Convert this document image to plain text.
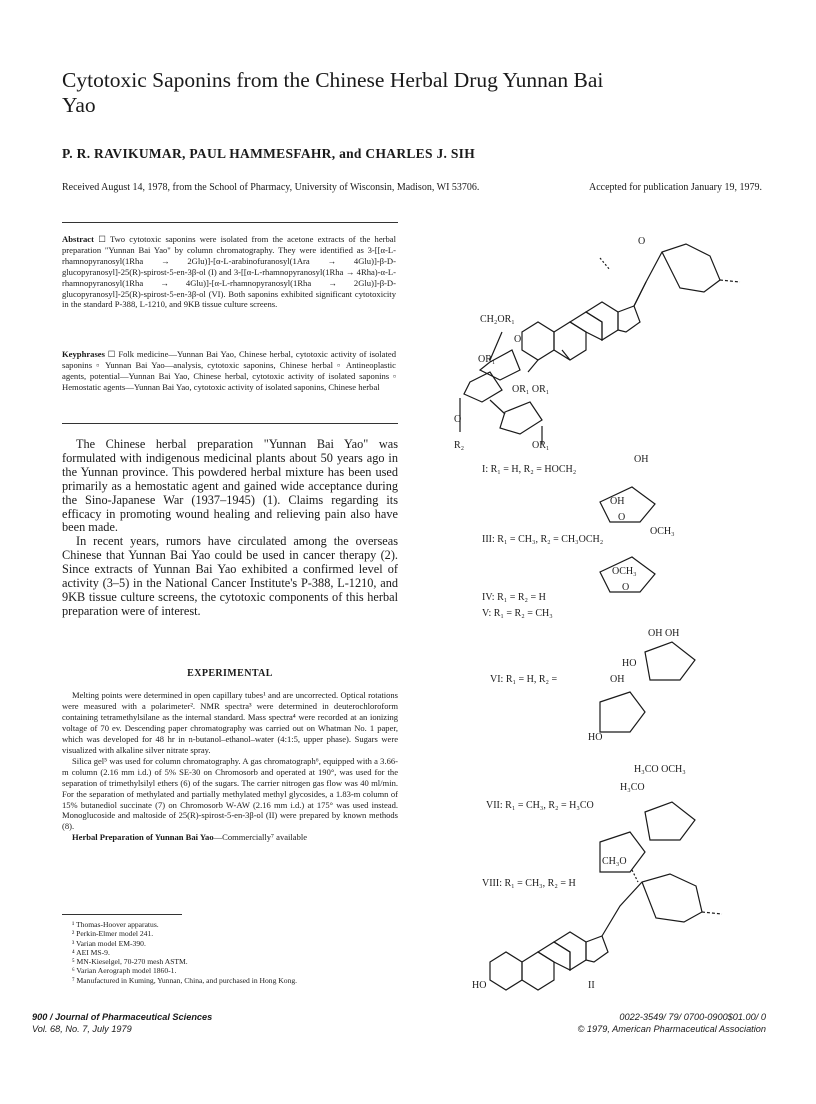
Cytotoxic Saponins from the Chinese Herbal Drug Yunnan Bai Yao
P. R. RAVIKUMAR, PAUL HAMMESFAHR, and CHARLES J. SIH
Accepted for publication January 19, 1979.
Received August 14, 1978, from the School of Pharmacy, University of Wisconsin, Madison, WI 53706.
Abstract ☐ Two cytotoxic saponins were isolated from the acetone extracts of the herbal preparation "Yunnan Bai Yao" by column chromatography. They were identified as 3-[[α-L-rhamnopyranosyl(1Rha → 2Glu)]-[α-L-arabinofuranosyl(1Ara → 4Glu)]-β-D-glucopyranosyl]-25(R)-spirost-5-en-3β-ol (I) and 3-[[α-L-rhamnopyranosyl(1Rha → 4Rha)-α-L-rhamnopyranosyl(1Rha → 4Glu)]-[α-L-rhamnopyranosyl(1Rha → 2Glu)]-β-D-glucopyranosyl]-25(R)-spirost-5-en-3β-ol (VI). Both saponins exhibited significant cytotoxicity in the standard P-388, L-1210, and 9KB tissue culture screens.
Keyphrases ☐ Folk medicine—Yunnan Bai Yao, Chinese herbal, cytotoxic activity of isolated saponins ▫ Yunnan Bai Yao—analysis, cytotoxic saponins, Chinese herbal ▫ Antineoplastic agents, potential—Yunnan Bai Yao, Chinese herbal, cytotoxic activity of isolated saponins ▫ Hemostatic agents—Yunnan Bai Yao, cytotoxic activity of isolated saponins, Chinese herbal

The Chinese herbal preparation "Yunnan Bai Yao" was formulated with indigenous medicinal plants about 50 years ago in the Yunnan province. This powdered herbal mixture has been used primarily as a hemostatic agent and gained wide acceptance during the Sino-Japanese War (1937–1945) (1). Claims regarding its efficacy in promoting wound healing and relieving pain also have been made.

In recent years, rumors have circulated among the overseas Chinese that Yunnan Bai Yao could be used in cancer therapy (2). Since extracts of Yunnan Bai Yao exhibited a confirmed level of activity (3–5) in the National Cancer Institute's P-388, L-1210, and 9KB tissue culture screens, the cytotoxic components of this herbal preparation were of interest.

EXPERIMENTAL

Melting points were determined in open capillary tubes¹ and are uncorrected. Optical rotations were measured with a polarimeter². NMR spectra³ were determined in deuterochloroform containing tetramethylsilane as the internal standard. Mass spectra⁴ were recorded at an ionizing voltage of 70 ev. Descending paper chromatography was carried out on Whatman No. 1 paper, which was developed for 48 hr in n-butanol–ethanol–water (4:1:5, upper phase). Sugars were visualized with alkaline silver nitrate spray.

Silica gel⁵ was used for column chromatography. A gas chromatograph⁶, equipped with a 3.66-m column (2.16 mm i.d.) of 5% SE-30 on Chromosorb and operated at 190°, was used for the separation of trimethylsilyl ethers (6) of the sugars. The carrier nitrogen gas flow was 40 ml/min. For the separation of methylated and partially methylated methyl glycosides, a 1.83-m column of 15% butanediol succinate (7) on Chromosorb W-AW (2.16 mm i.d.) at 175° was used instead. Monoglucoside and maltoside of 25(R)-spirost-5-en-3β-ol (II) were prepared by known methods (8).

Herbal Preparation of Yunnan Bai Yao—Commercially⁷ available

¹ Thomas-Hoover apparatus.
² Perkin-Elmer model 241.
³ Varian model EM-390.
⁴ AEI MS-9.
⁵ MN-Kieselgel, 70-270 mesh ASTM.
⁶ Varian Aerograph model 1860-1.
⁷ Manufactured in Kuming, Yunnan, China, and purchased in Hong Kong.
900 / Journal of Pharmaceutical Sciences
Vol. 68, No. 7, July 1979
0022-3549/ 79/ 0700-0900$01.00/ 0
© 1979, American Pharmaceutical Association
CH₂OR₁
O
OR₁
OR₁ OR₁
O
R₂	OR₁
O
OH
I: R₁ = H, R₂ = HOCH₂
OH
O
OCH₃
III: R₁ = CH₃, R₂ = CH₃OCH₂
OCH₃
O
IV: R₁ = R₂ = H
V: R₁ = R₂ = CH₃
OH OH
HO
OH
VI: R₁ = H, R₂ =
HO
H₃CO OCH₃
H₃CO
VII: R₁ = CH₃, R₂ = H₃CO
CH₃O
VIII: R₁ = CH₃, R₂ = H
HO	II
